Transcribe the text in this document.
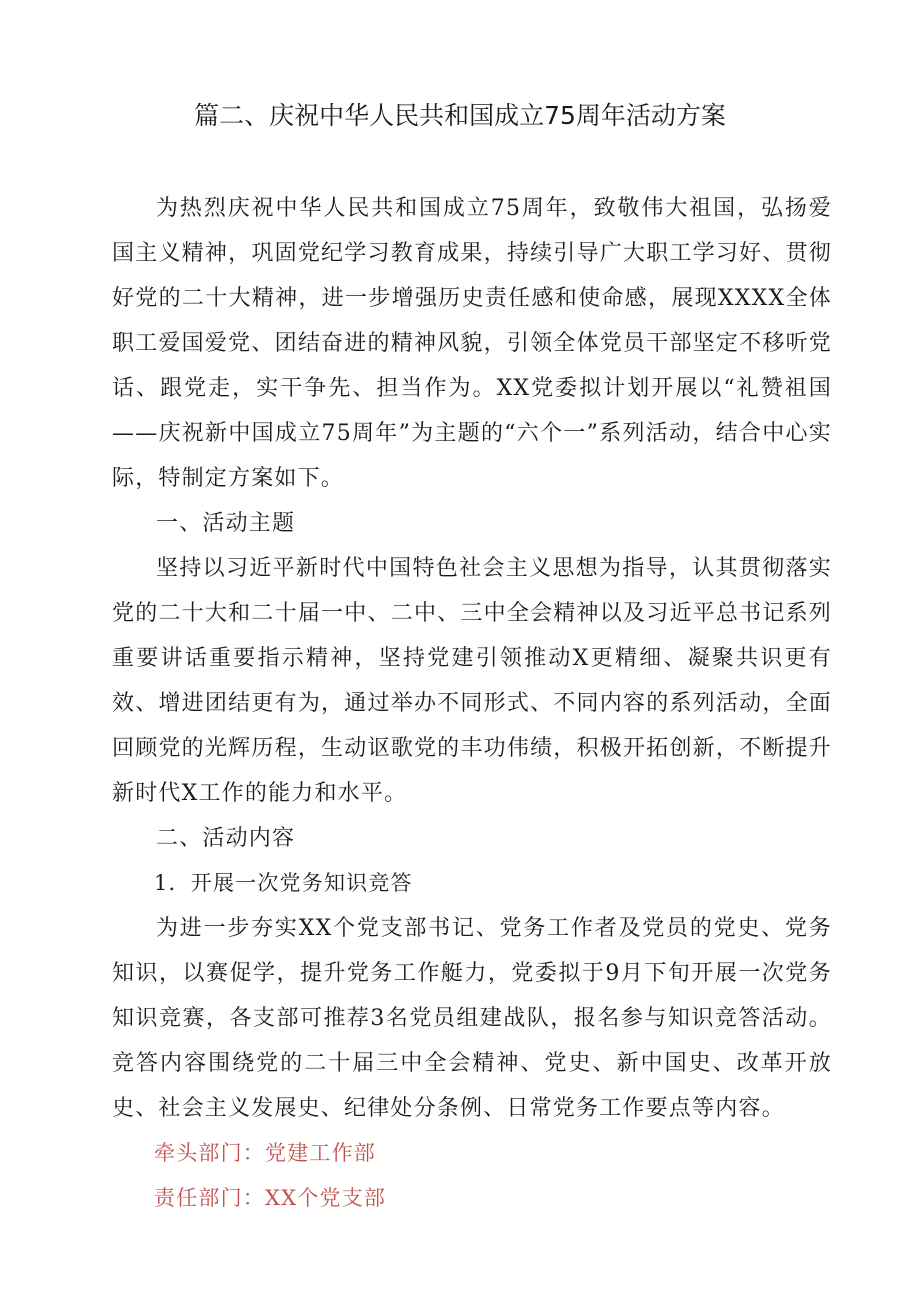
篇二、庆祝中华人民共和国成立75周年活动方案

为热烈庆祝中华人民共和国成立75周年，致敬伟大祖国，弘扬爱国主义精神，巩固党纪学习教育成果，持续引导广大职工学习好、贯彻好党的二十大精神，进一步增强历史责任感和使命感，展现XXXX全体职工爱国爱党、团结奋进的精神风貌，引领全体党员干部坚定不移听党话、跟党走，实干争先、担当作为。XX党委拟计划开展以“礼赞祖国——庆祝新中国成立75周年”为主题的“六个一”系列活动，结合中心实际，特制定方案如下。

一、活动主题

坚持以习近平新时代中国特色社会主义思想为指导，认其贯彻落实党的二十大和二十届一中、二中、三中全会精神以及习近平总书记系列重要讲话重要指示精神，坚持党建引领推动X更精细、凝聚共识更有效、增进团结更有为，通过举办不同形式、不同内容的系列活动，全面回顾党的光辉历程，生动讴歌党的丰功伟绩，积极开拓创新，不断提升新时代X工作的能力和水平。

二、活动内容

1．开展一次党务知识竞答

为进一步夯实XX个党支部书记、党务工作者及党员的党史、党务知识，以赛促学，提升党务工作艇力，党委拟于9月下旬开展一次党务知识竞赛，各支部可推荐3名党员组建战队，报名参与知识竞答活动。竞答内容围绕党的二十届三中全会精神、党史、新中国史、改革开放史、社会主义发展史、纪律处分条例、日常党务工作要点等内容。

牵头部门：党建工作部

责任部门：XX个党支部
